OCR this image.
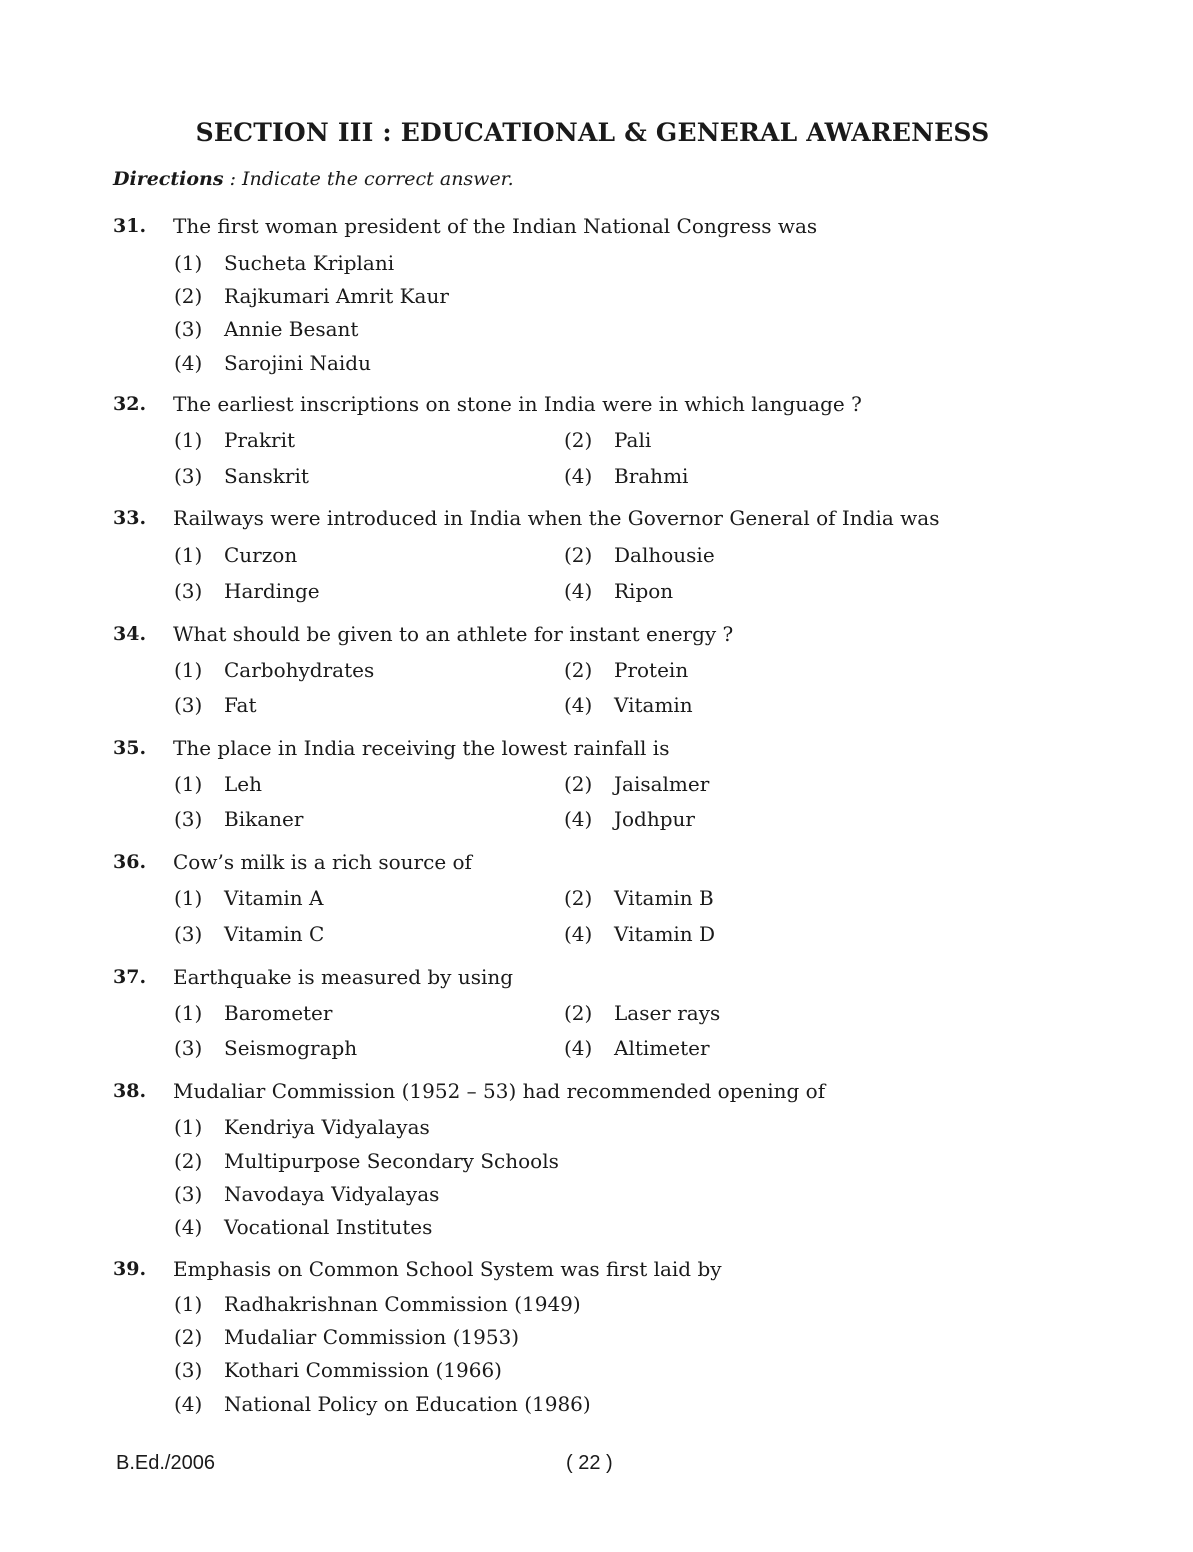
SECTION III : EDUCATIONAL & GENERAL AWARENESS
Directions : Indicate the correct answer.
31. The first woman president of the Indian National Congress was
(1) Sucheta Kriplani
(2) Rajkumari Amrit Kaur
(3) Annie Besant
(4) Sarojini Naidu
32. The earliest inscriptions on stone in India were in which language ?
(1) Prakrit	(2) Pali
(3) Sanskrit	(4) Brahmi
33. Railways were introduced in India when the Governor General of India was
(1) Curzon	(2) Dalhousie
(3) Hardinge	(4) Ripon
34. What should be given to an athlete for instant energy ?
(1) Carbohydrates	(2) Protein
(3) Fat	(4) Vitamin
35. The place in India receiving the lowest rainfall is
(1) Leh	(2) Jaisalmer
(3) Bikaner	(4) Jodhpur
36. Cow’s milk is a rich source of
(1) Vitamin A	(2) Vitamin B
(3) Vitamin C	(4) Vitamin D
37. Earthquake is measured by using
(1) Barometer	(2) Laser rays
(3) Seismograph	(4) Altimeter
38. Mudaliar Commission (1952 – 53) had recommended opening of
(1) Kendriya Vidyalayas
(2) Multipurpose Secondary Schools
(3) Navodaya Vidyalayas
(4) Vocational Institutes
39. Emphasis on Common School System was first laid by
(1) Radhakrishnan Commission (1949)
(2) Mudaliar Commission (1953)
(3) Kothari Commission (1966)
(4) National Policy on Education (1986)
B.Ed./2006	( 22 )
